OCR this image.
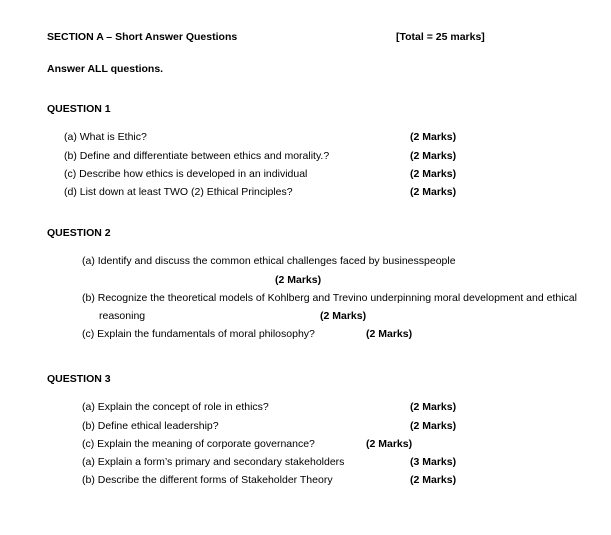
SECTION A – Short Answer Questions	[Total = 25 marks]
Answer ALL questions.
QUESTION 1
(a) What is Ethic?	(2 Marks)
(b) Define and differentiate between ethics and morality.?	(2 Marks)
(c) Describe how ethics is developed in an individual	(2 Marks)
(d) List down at least TWO (2) Ethical Principles?	(2 Marks)
QUESTION 2
(a) Identify and discuss the common ethical challenges faced by businesspeople
(2 Marks)
(b) Recognize the theoretical models of Kohlberg and Trevino underpinning moral development and ethical
reasoning	(2 Marks)
(c) Explain the fundamentals of moral philosophy?	(2 Marks)
QUESTION 3
(a) Explain the concept of role in ethics?	(2 Marks)
(b) Define ethical leadership?	(2 Marks)
(c) Explain the meaning of corporate governance?	(2 Marks)
(a) Explain a form’s primary and secondary stakeholders	(3 Marks)
(b) Describe the different forms of Stakeholder Theory	(2 Marks)
